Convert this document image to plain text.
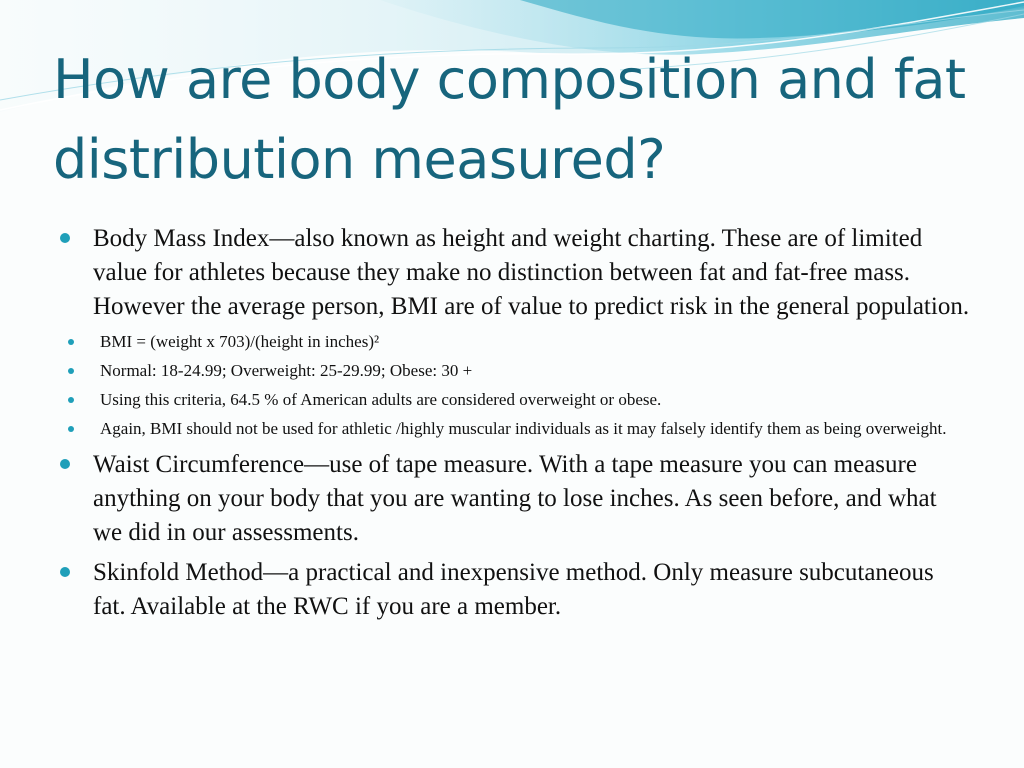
How are body composition and fat distribution measured?
Body Mass Index—also known as height and weight charting. These are of limited value for athletes because they make no distinction between fat and fat-free mass. However the average person, BMI are of value to predict risk in the general population.
BMI = (weight x 703)/(height in inches)²
Normal: 18-24.99; Overweight: 25-29.99; Obese: 30 +
Using this criteria, 64.5 % of American adults are considered overweight or obese.
Again, BMI should not be used for athletic /highly muscular individuals as it may falsely identify them as being overweight.
Waist Circumference—use of tape measure. With a tape measure you can measure anything on your body that you are wanting to lose inches. As seen before, and what we did in our assessments.
Skinfold Method—a practical and inexpensive method. Only measure subcutaneous fat. Available at the RWC if you are a member.
